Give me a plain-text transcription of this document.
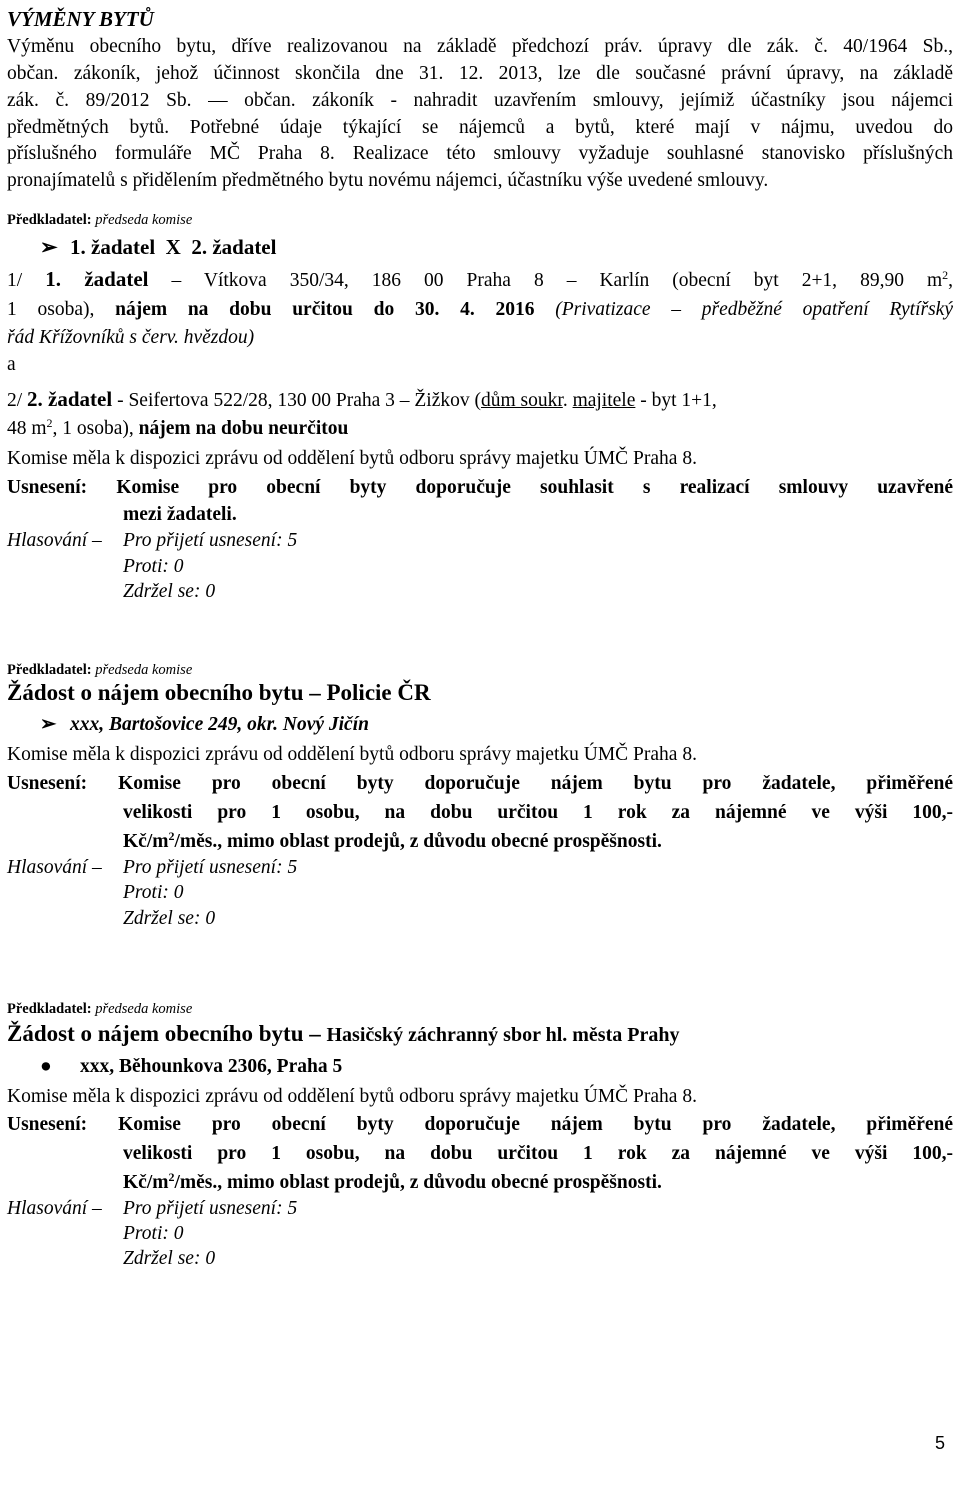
VÝMĚNY BYTŮ
Výměnu obecního bytu, dříve realizovanou na základě předchozí práv. úpravy dle zák. č. 40/1964 Sb.,
občan. zákoník, jehož účinnost skončila dne 31. 12. 2013, lze dle současné právní úpravy, na základě
zák. č. 89/2012 Sb. — občan. zákoník - nahradit uzavřením smlouvy, jejímiž účastníky jsou nájemci
předmětných bytů. Potřebné údaje týkající se nájemců a bytů, které mají v nájmu, uvedou do
příslušného formuláře MČ Praha 8. Realizace této smlouvy vyžaduje souhlasné stanovisko příslušných
pronajímatelů s přidělením předmětného bytu novému nájemci, účastníku výše uvedené smlouvy.
Předkladatel: předseda komise
➢ 1. žadatel  X  2. žadatel
1/ 1. žadatel – Vítkova 350/34, 186 00 Praha 8 – Karlín (obecní byt 2+1, 89,90 $m^2$,
1 osoba), nájem na dobu určitou do 30. 4. 2016 (Privatizace – předběžné opatření Rytířský
řád Křížovníků s červ. hvězdou)
a
2/ 2. žadatel - Seifertova 522/28, 130 00 Praha 3 – Žižkov (dům soukr. majitele - byt 1+1,
48 $m^2$, 1 osoba), nájem na dobu neurčitou
Komise měla k dispozici zprávu od oddělení bytů odboru správy majetku ÚMČ Praha 8.
Usnesení: Komise pro obecní byty doporučuje souhlasit s realizací smlouvy uzavřené
mezi žadateli.
Hlasování – Pro přijetí usnesení: 5
Proti: 0
Zdržel se: 0
Předkladatel: předseda komise
Žádost o nájem obecního bytu – Policie ČR
➢ xxx, Bartošovice 249, okr. Nový Jičín
Komise měla k dispozici zprávu od oddělení bytů odboru správy majetku ÚMČ Praha 8.
Usnesení: Komise pro obecní byty doporučuje nájem bytu pro žadatele, přiměřené
velikosti pro 1 osobu, na dobu určitou 1 rok za nájemné ve výši 100,-
$Kč/m^2$/měs., mimo oblast prodejů, z důvodu obecné prospěšnosti.
Hlasování – Pro přijetí usnesení: 5
Proti: 0
Zdržel se: 0
Předkladatel: předseda komise
Žádost o nájem obecního bytu – Hasičský záchranný sbor hl. města Prahy
● xxx, Běhounkova 2306, Praha 5
Komise měla k dispozici zprávu od oddělení bytů odboru správy majetku ÚMČ Praha 8.
Usnesení: Komise pro obecní byty doporučuje nájem bytu pro žadatele, přiměřené
velikosti pro 1 osobu, na dobu určitou 1 rok za nájemné ve výši 100,-
$Kč/m^2$/měs., mimo oblast prodejů, z důvodu obecné prospěšnosti.
Hlasování – Pro přijetí usnesení: 5
Proti: 0
Zdržel se: 0
5
